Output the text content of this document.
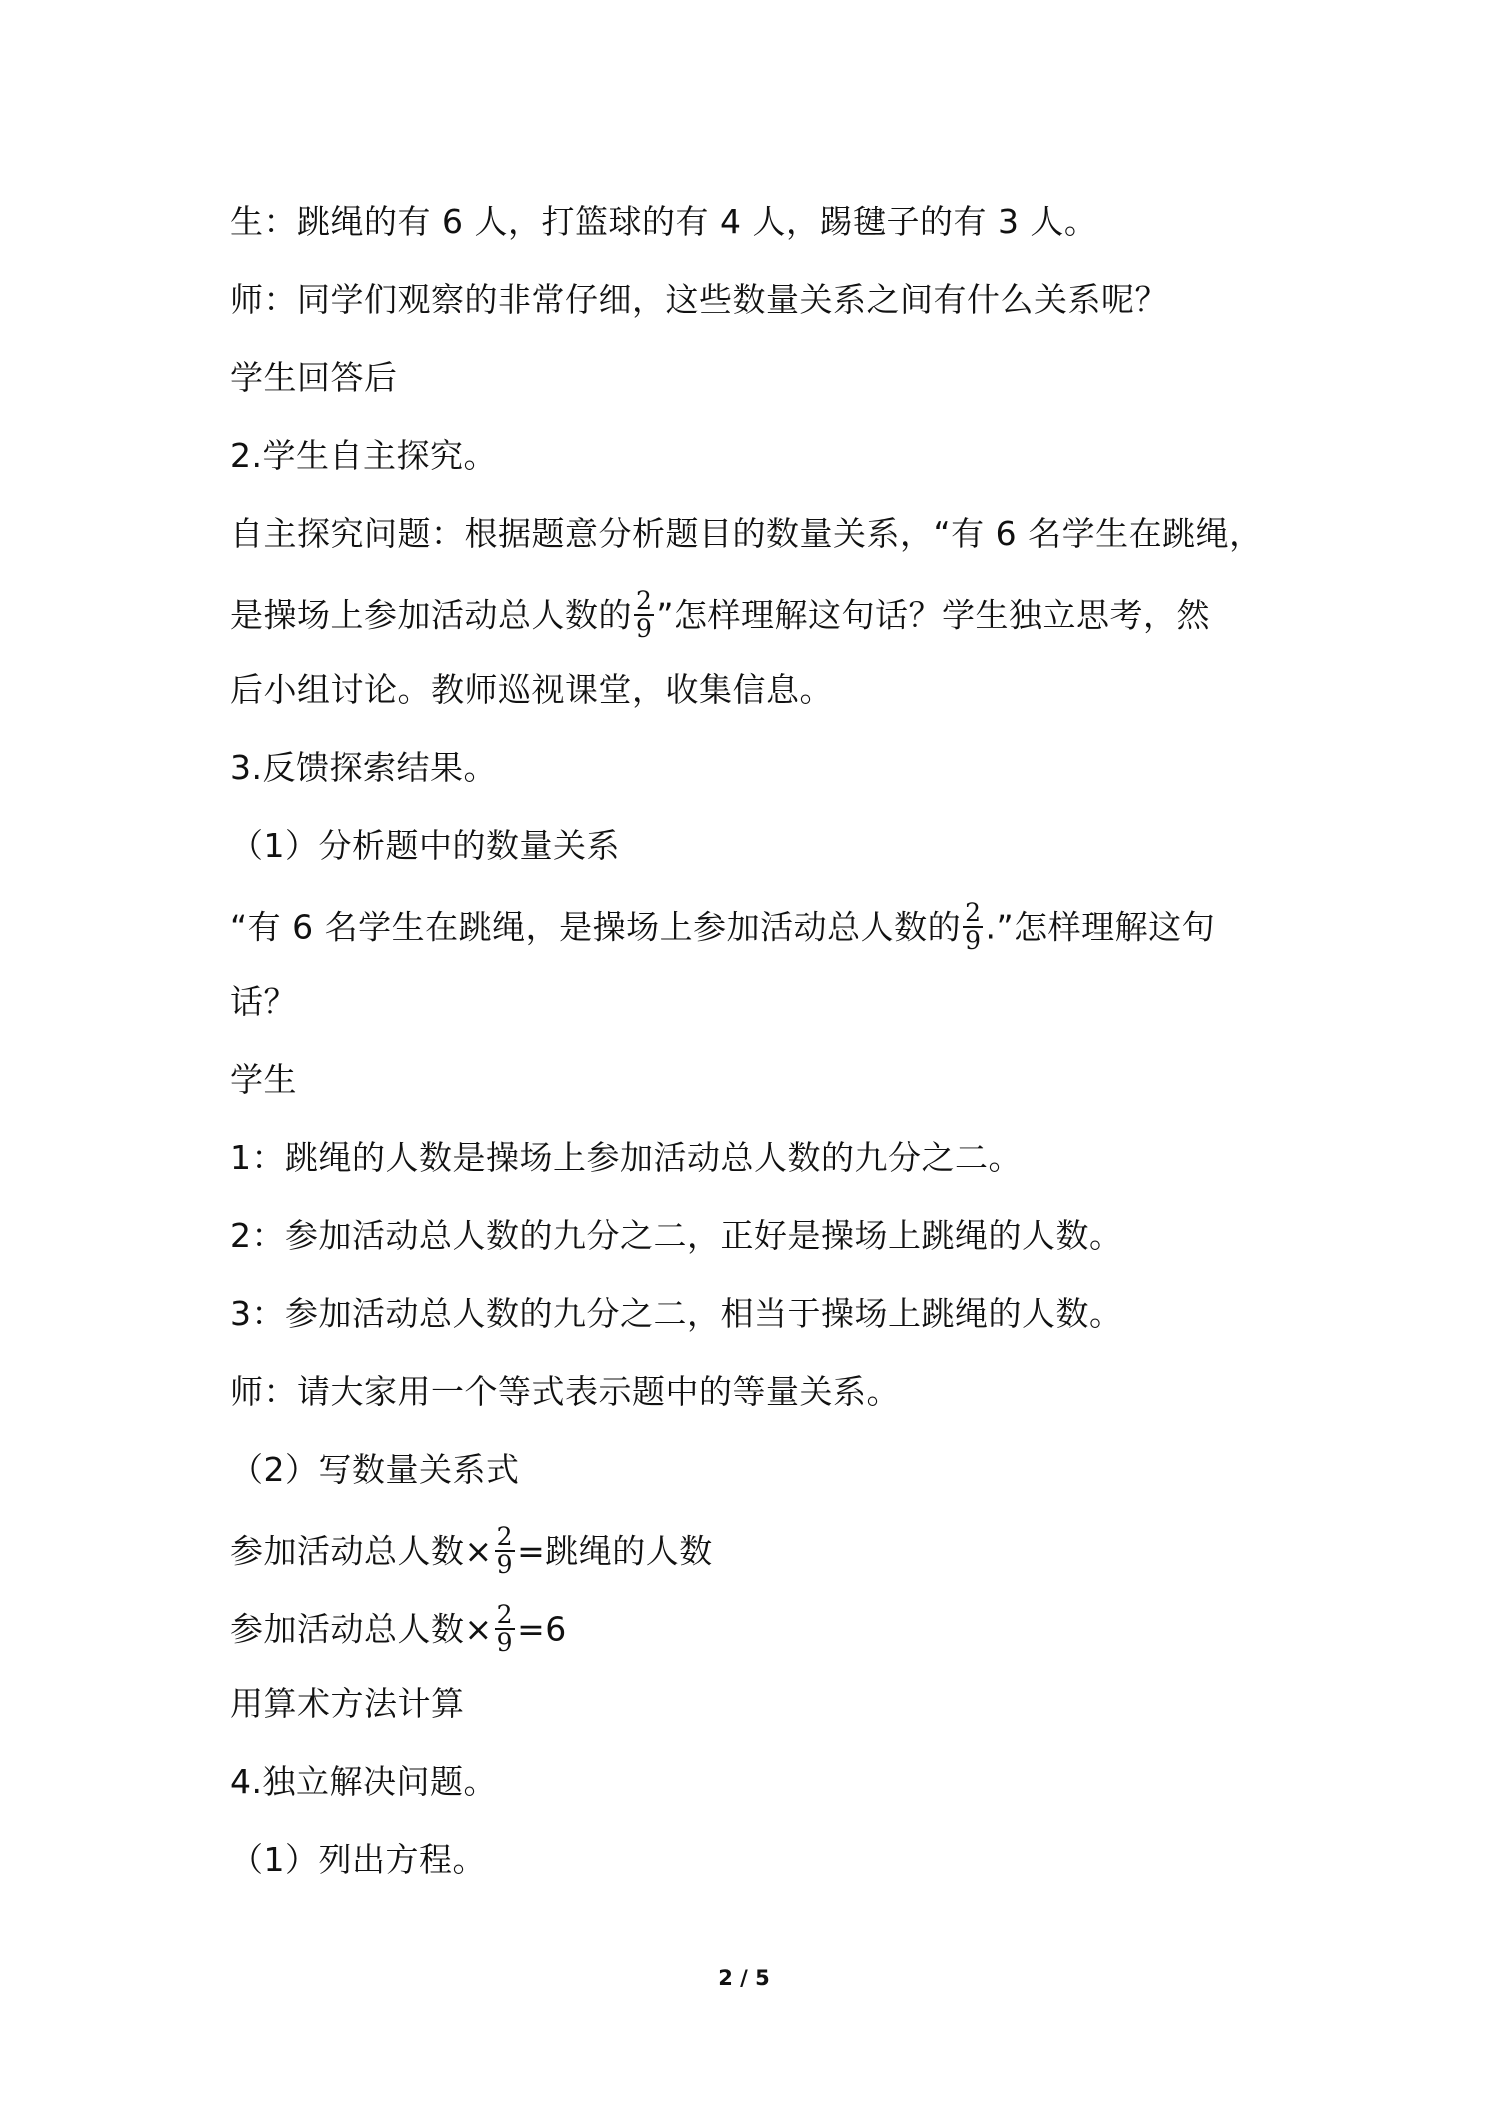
生：跳绳的有 6 人，打篮球的有 4 人，踢毽子的有 3 人。
师：同学们观察的非常仔细，这些数量关系之间有什么关系呢？
学生回答后
2.学生自主探究。
自主探究问题：根据题意分析题目的数量关系，“有 6 名学生在跳绳，
是操场上参加活动总人数的 $\frac{2}{9}$ ”怎样理解这句话？学生独立思考，然
后小组讨论。教师巡视课堂，收集信息。
3.反馈探索结果。
（1）分析题中的数量关系
“有 6 名学生在跳绳，是操场上参加活动总人数的 $\frac{2}{9}$ .”怎样理解这句
话？
学生
1：跳绳的人数是操场上参加活动总人数的九分之二。
2：参加活动总人数的九分之二，正好是操场上跳绳的人数。
3：参加活动总人数的九分之二，相当于操场上跳绳的人数。
师：请大家用一个等式表示题中的等量关系。
（2）写数量关系式
参加活动总人数× $\frac{2}{9}$ =跳绳的人数
参加活动总人数× $\frac{2}{9} =6$
用算术方法计算
4.独立解决问题。
（1）列出方程。
2 / 5
